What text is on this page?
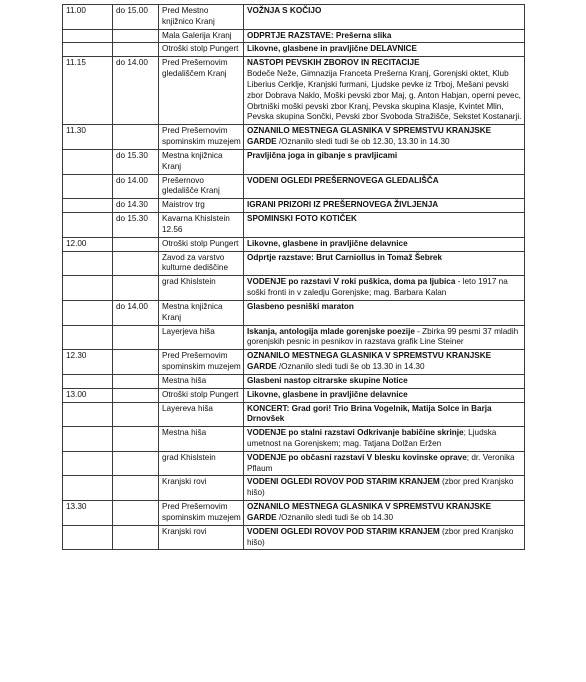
11.00	do 15.00	Pred Mestno knjižnico Kranj	VOŽNJA S KOČIJO
		Mala Galerija Kranj	ODPRTJE RAZSTAVE: Prešerna slika
		Otroški stolp Pungert	Likovne, glasbene in pravljične DELAVNICE
11.15	do 14.00	Pred Prešernovim gledališčem Kranj	NASTOPI PEVSKIH ZBOROV IN RECITACIJE
Bodeče Neže, Gimnazija Franceta Prešerna Kranj, Gorenjski oktet, Klub Liberius Cerklje, Kranjski furmani, Ljudske pevke iz Trboj, Mešani pevski zbor Dobrava Naklo, Moški pevski zbor Maj, g. Anton Habjan, operni pevec, Obrtniški moški pevski zbor Kranj, Pevska skupina Klasje, Kvintet Mlin, Pevska skupina Sončki, Pevski zbor Svoboda Stražišče, Sekstet Kostanarji.
11.30		Pred Prešernovim spominskim muzejem	OZNANILO MESTNEGA GLASNIKA V SPREMSTVU KRANJSKE GARDE /Oznanilo sledi tudi še ob 12.30, 13.30 in 14.30
	do 15.30	Mestna knjižnica Kranj	Pravljična joga in gibanje s pravljicami
	do 14.00	Prešernovo gledališče Kranj	VODENI OGLEDI PREŠERNOVEGA GLEDALIŠČA
	do 14.30	Maistrov trg	IGRANI PRIZORI IZ PREŠERNOVEGA ŽIVLJENJA
	do 15.30	Kavarna Khislstein 12.56	SPOMINSKI FOTO KOTIČEK
12.00		Otroški stolp Pungert	Likovne, glasbene in pravljične delavnice
		Zavod za varstvo kulturne dediščine	Odprtje razstave: Brut Carniollus in Tomaž Šebrek
		grad Khislstein	VODENJE po razstavi V roki puškica, doma pa ljubica - leto 1917 na soški fronti in v zaledju Gorenjske; mag. Barbara Kalan
	do 14.00	Mestna knjižnica Kranj	Glasbeno pesniški maraton
		Layerjeva hiša	Iskanja, antologija mlade gorenjske poezije - Zbirka 99 pesmi 37 mladih gorenjskih pesnic in pesnikov in razstava grafik Line Steiner
12.30		Pred Prešernovim spominskim muzejem	OZNANILO MESTNEGA GLASNIKA V SPREMSTVU KRANJSKE GARDE /Oznanilo sledi tudi še ob 13.30 in 14.30
		Mestna hiša	Glasbeni nastop citrarske skupine Notice
13.00		Otroški stolp Pungert	Likovne, glasbene in pravljične delavnice
		Layereva hiša	KONCERT: Grad gori! Trio Brina Vogelnik, Matija Solce in Barja Drnovšek
		Mestna hiša	VODENJE po stalni razstavi Odkrivanje babičine skrinje; Ljudska umetnost na Gorenjskem; mag. Tatjana Dolžan Eržen
		grad Khislstein	VODENJE po občasni razstavi V blesku kovinske oprave; dr. Veronika Pflaum
		Kranjski rovi	VODENI OGLEDI ROVOV POD STARIM KRANJEM (zbor pred Kranjsko hišo)
13.30		Pred Prešernovim spominskim muzejem	OZNANILO MESTNEGA GLASNIKA V SPREMSTVU KRANJSKE GARDE /Oznanilo sledi tudi še ob 14.30
		Kranjski rovi	VODENI OGLEDI ROVOV POD STARIM KRANJEM (zbor pred Kranjsko hišo)
